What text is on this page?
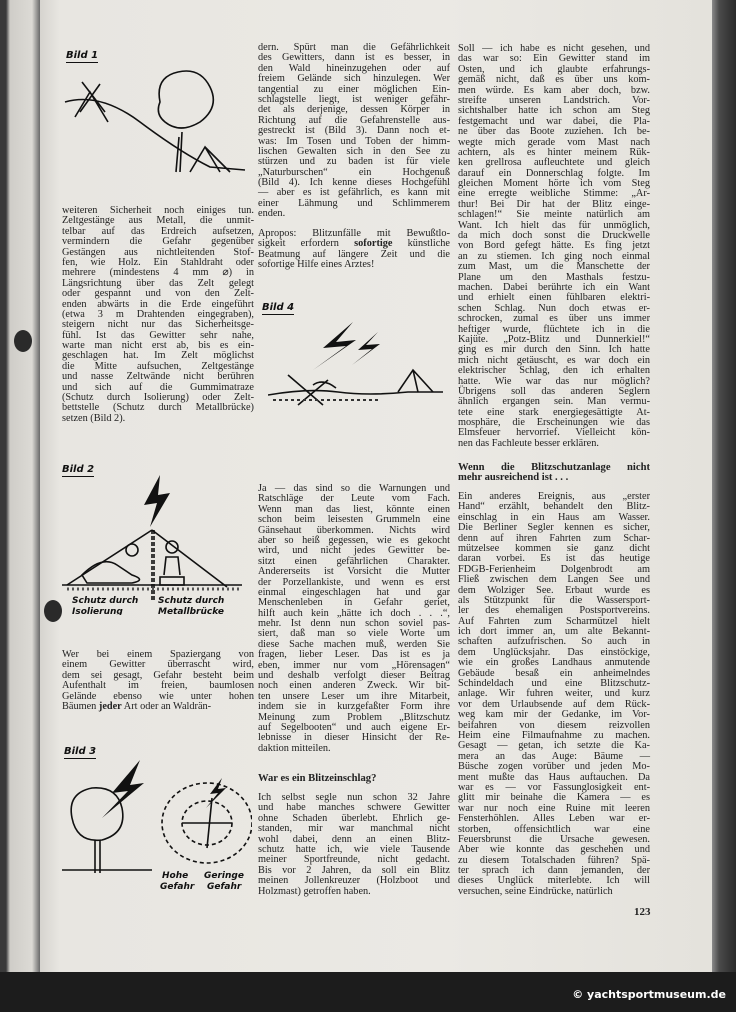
Bild 1
Bild 4
Bild 2
Schutz durch
Isolierung
Schutz durch
Metallbrücke
Bild 3
Hohe
Gefahr
Geringe
Gefahr
weiteren Sicherheit noch einiges tun.
Zeltgestänge aus Metall, die unmit-
telbar auf das Erdreich aufsetzen,
vermindern die Gefahr gegenüber
Gestängen aus nichtleitenden Stof-
fen, wie Holz. Ein Stahldraht oder
mehrere (mindestens 4 mm ⌀) in
Längsrichtung über das Zelt gelegt
oder gespannt und von den Zelt-
enden abwärts in die Erde eingeführt
(etwa 3 m Drahtenden eingegraben),
steigern nicht nur das Sicherheitsge-
fühl. Ist das Gewitter sehr nahe,
warte man nicht erst ab, bis es ein-
geschlagen hat. Im Zelt möglichst
die Mitte aufsuchen, Zeltgestänge
und nasse Zeltwände nicht berühren
und sich auf die Gummimatraze
(Schutz durch Isolierung) oder Zelt-
bettstelle (Schutz durch Metallbrücke)
setzen (Bild 2).
Wer bei einem Spaziergang von
einem Gewitter überrascht wird,
dem sei gesagt, Gefahr besteht beim
Aufenthalt im freien, baumlosen
Gelände ebenso wie unter hohen
Bäumen jeder Art oder an Waldrän-
dern. Spürt man die Gefährlichkeit
des Gewitters, dann ist es besser, in
den Wald hineinzugehen oder auf
freiem Gelände sich hinzulegen. Wer
tangential zu einer möglichen Ein-
schlagstelle liegt, ist weniger gefähr-
det als derjenige, dessen Körper in
Richtung auf die Gefahrenstelle aus-
gestreckt ist (Bild 3). Dann noch et-
was: Im Tosen und Toben der himm-
lischen Gewalten sich in den See zu
stürzen und zu baden ist für viele
„Naturburschen“ ein Hochgenuß
(Bild 4). Ich kenne dieses Hochgefühl
— aber es ist gefährlich, es kann mit
einer Lähmung und Schlimmerem
enden.
Apropos: Blitzunfälle mit Bewußtlo-
sigkeit erfordern sofortige künstliche
Beatmung auf längere Zeit und die
sofortige Hilfe eines Arztes!
Ja — das sind so die Warnungen und
Ratschläge der Leute vom Fach.
Wenn man das liest, könnte einen
schon beim leisesten Grummeln eine
Gänsehaut überkommen. Nichts wird
aber so heiß gegessen, wie es gekocht
wird, und nicht jedes Gewitter be-
sitzt einen gefährlichen Charakter.
Andererseits ist Vorsicht die Mutter
der Porzellankiste, und wenn es erst
einmal eingeschlagen hat und gar
Menschenleben in Gefahr geriet,
hilft auch kein „hätte ich doch . . .“,
mehr. Ist denn nun schon soviel pas-
siert, daß man so viele Worte um
diese Sache machen muß, werden Sie
fragen, lieber Leser. Das ist es ja
eben, immer nur vom „Hörensagen“
und deshalb verfolgt dieser Beitrag
noch einen anderen Zweck. Wir bit-
ten unsere Leser um ihre Mitarbeit,
indem sie in kurzgefaßter Form ihre
Meinung zum Problem „Blitzschutz
auf Segelbooten“ und auch eigene Er-
lebnisse in dieser Hinsicht der Re-
daktion mitteilen.
War es ein Blitzeinschlag?
Ich selbst segle nun schon 32 Jahre
und habe manches schwere Gewitter
ohne Schaden überlebt. Ehrlich ge-
standen, mir war manchmal nicht
wohl dabei, denn an einen Blitz-
schutz hatte ich, wie viele Tausende
meiner Sportfreunde, nicht gedacht.
Bis vor 2 Jahren, da soll ein Blitz
meinen Jollenkreuzer (Holzboot und
Holzmast) getroffen haben.
Soll — ich habe es nicht gesehen, und
das war so: Ein Gewitter stand im
Osten, und ich glaubte erfahrungs-
gemäß nicht, daß es über uns kom-
men würde. Es kam aber doch, bzw.
streifte unseren Landstrich. Vor-
sichtshalber hatte ich schon am Steg
festgemacht und war dabei, die Pla-
ne über das Boote zuziehen. Ich be-
wegte mich gerade vom Mast nach
achtern, als es hinter meinem Rük-
ken grellrosa aufleuchtete und gleich
darauf ein Donnerschlag folgte. Im
gleichen Moment hörte ich vom Steg
eine erregte weibliche Stimme: „Ar-
thur! Bei Dir hat der Blitz einge-
schlagen!“ Sie meinte natürlich am
Want. Ich hielt das für unmöglich,
da mich doch sonst die Druckwelle
von Bord gefegt hätte. Es fing jetzt
an zu stiemen. Ich ging noch einmal
zum Mast, um die Manschette der
Plane um den Masthals festzu-
machen. Dabei berührte ich ein Want
und erhielt einen fühlbaren elektri-
schen Schlag. Nun doch etwas er-
schrocken, zumal es über uns immer
heftiger wurde, flüchtete ich in die
Kajüte. „Potz-Blitz und Dunnerkiel!“
ging es mir durch den Sinn. Ich hatte
mich nicht getäuscht, es war doch ein
elektrischer Schlag, den ich erhalten
hatte. Wie war das nur möglich?
Übrigens soll das anderen Seglern
ähnlich ergangen sein. Man vermu-
tete eine stark energiegesättigte At-
mosphäre, die Erscheinungen wie das
Elmsfeuer hervorrief. Vielleicht kön-
nen das Fachleute besser erklären.
Wenn die Blitzschutzanlage nicht
mehr ausreichend ist . . .
Ein anderes Ereignis, aus „erster
Hand“ erzählt, behandelt den Blitz-
einschlag in ein Haus am Wasser.
Die Berliner Segler kennen es sicher,
denn auf ihren Fahrten zum Schar-
mützelsee kommen sie ganz dicht
daran vorbei. Es ist das heutige
FDGB-Ferienheim Dolgenbrodt am
Fließ zwischen dem Langen See und
dem Wolziger See. Erbaut wurde es
als Stützpunkt für die Wassersport-
ler des ehemaligen Postsportvereins.
Auf Fahrten zum Scharmützel hielt
ich dort immer an, um alte Bekannt-
schaften aufzufrischen. So auch in
dem Unglücksjahr. Das einstöckige,
wie ein großes Landhaus anmutende
Gebäude besaß ein anheimelndes
Schindeldach und eine Blitzschutz-
anlage. Wir fuhren weiter, und kurz
vor dem Urlaubsende auf dem Rück-
weg kam mir der Gedanke, im Vor-
beifahren von diesem reizvollen
Heim eine Filmaufnahme zu machen.
Gesagt — getan, ich setzte die Ka-
mera an das Auge: Bäume —
Büsche zogen vorüber und jeden Mo-
ment mußte das Haus auftauchen. Da
war es — vor Fassunglosigkeit ent-
glitt mir beinahe die Kamera — es
war nur noch eine Ruine mit leeren
Fensterhöhlen. Alles Leben war er-
storben, offensichtlich war eine
Feuersbrunst die Ursache gewesen.
Aber wie konnte das geschehen und
zu diesem Totalschaden führen? Spä-
ter sprach ich dann jemanden, der
dieses Unglück miterlebte. Ich will
versuchen, seine Eindrücke, natürlich
123
© yachtsportmuseum.de
